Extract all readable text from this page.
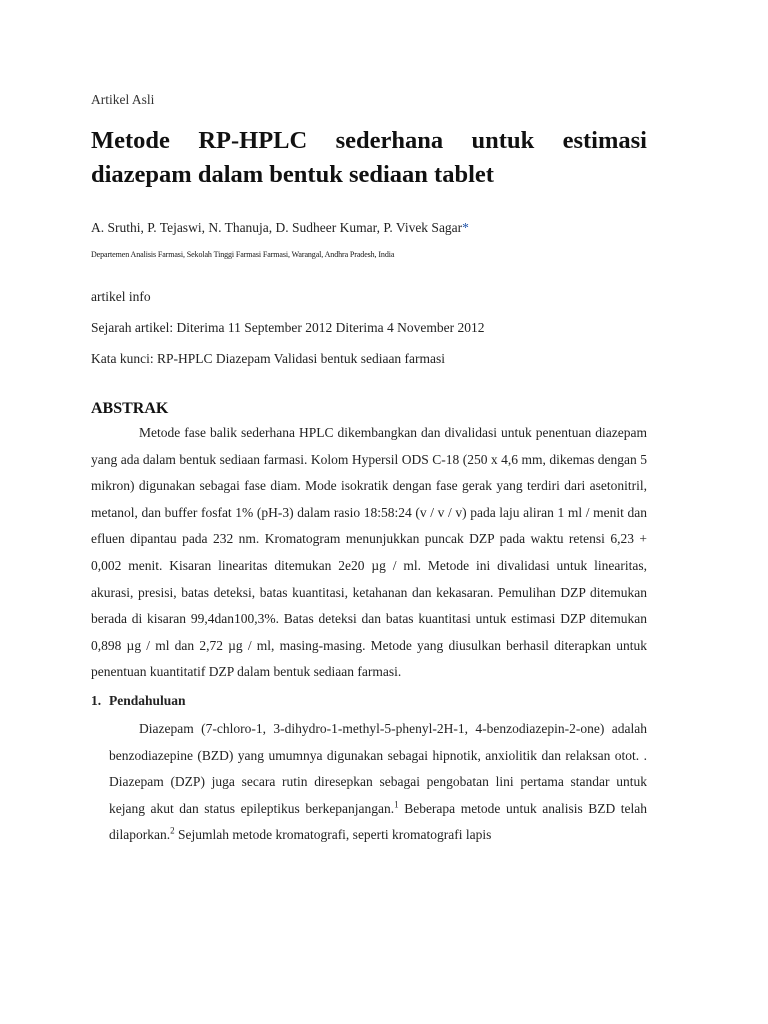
Artikel Asli

Metode RP-HPLC sederhana untuk estimasi diazepam dalam bentuk sediaan tablet

A. Sruthi, P. Tejaswi, N. Thanuja, D. Sudheer Kumar, P. Vivek Sagar*

Departemen Analisis Farmasi, Sekolah Tinggi Farmasi Farmasi, Warangal, Andhra Pradesh, India

artikel info

Sejarah artikel: Diterima 11 September 2012 Diterima 4 November 2012

Kata kunci: RP-HPLC Diazepam Validasi bentuk sediaan farmasi

ABSTRAK

Metode fase balik sederhana HPLC dikembangkan dan divalidasi untuk penentuan diazepam yang ada dalam bentuk sediaan farmasi. Kolom Hypersil ODS C-18 (250 x 4,6 mm, dikemas dengan 5 mikron) digunakan sebagai fase diam. Mode isokratik dengan fase gerak yang terdiri dari asetonitril, metanol, dan buffer fosfat 1% (pH-3) dalam rasio 18:58:24 (v / v / v) pada laju aliran 1 ml / menit dan efluen dipantau pada 232 nm. Kromatogram menunjukkan puncak DZP pada waktu retensi 6,23 + 0,002 menit. Kisaran linearitas ditemukan 2e20 µg / ml. Metode ini divalidasi untuk linearitas, akurasi, presisi, batas deteksi, batas kuantitasi, ketahanan dan kekasaran. Pemulihan DZP ditemukan berada di kisaran 99,4dan100,3%. Batas deteksi dan batas kuantitasi untuk estimasi DZP ditemukan 0,898 µg / ml dan 2,72 µg / ml, masing-masing. Metode yang diusulkan berhasil diterapkan untuk penentuan kuantitatif DZP dalam bentuk sediaan farmasi.

1. Pendahuluan

Diazepam (7-chloro-1, 3-dihydro-1-methyl-5-phenyl-2H-1, 4-benzodiazepin-2-one) adalah benzodiazepine (BZD) yang umumnya digunakan sebagai hipnotik, anxiolitik dan relaksan otot. . Diazepam (DZP) juga secara rutin diresepkan sebagai pengobatan lini pertama standar untuk kejang akut dan status epileptikus berkepanjangan.$^1$ Beberapa metode untuk analisis BZD telah dilaporkan.$^2$ Sejumlah metode kromatografi, seperti kromatografi lapis
